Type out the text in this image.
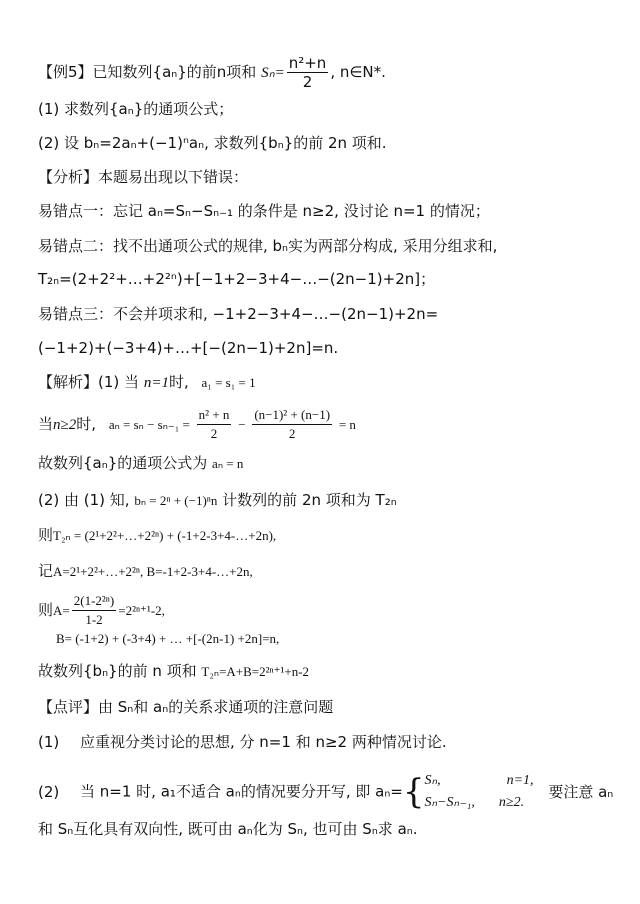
【例5】已知数列{aₙ}的前n项和 $S_n= \frac{\text{n²+n}}{2}$ , n∈N*.
(1) 求数列{aₙ}的通项公式；
(2) 设 bₙ=2aₙ+(−1)ⁿaₙ, 求数列{bₙ}的前 2n 项和.
【分析】本题易出现以下错误：
易错点一：忘记 aₙ=Sₙ−Sₙ₋₁ 的条件是 n≥2, 没讨论 n=1 的情况；
易错点二：找不出通项公式的规律, bₙ实为两部分构成, 采用分组求和,
T₂ₙ=(2+2²+…+2²ⁿ)+[−1+2−3+4−…−(2n−1)+2n]；
易错点三：不会并项求和, −1+2−3+4−…−(2n−1)+2n=
(−1+2)+(−3+4)+…+[−(2n−1)+2n]=n.
【解析】(1) 当 n=1时, a₁ = s₁ = 1
当n≥2时, $a_n = s_n - s_{n-1} = \frac{\text{n² + n}}{2} - \frac{\text{(n−1)² + (n−1)}}{2} = n$
故数列{aₙ}的通项公式为 aₙ = n
(2) 由 (1) 知, bₙ = 2ⁿ + (−1)ⁿn 计数列的前 2n 项和为 T₂ₙ
则T₂ₙ = (2¹+2²+…+2²ⁿ) + (-1+2-3+4-…+2n),
记A=2¹+2²+…+2²ⁿ, B=-1+2-3+4-…+2n,
则$A= \frac{\text{2(1-2²ⁿ)}}{1-2} =2^{2n+1}-2$,
B= (-1+2) + (-3+4) + … +[-(2n-1) +2n]=n,
故数列{bₙ}的前 n 项和 T₂ₙ=A+B=2²ⁿ⁺¹+n-2
【点评】由 Sₙ和 aₙ的关系求通项的注意问题
(1) 应重视分类讨论的思想, 分 n=1 和 n≥2 两种情况讨论.
(2) 当 n=1 时, a₁不适合 aₙ的情况要分开写, 即 aₙ={ Sₙ,	n=1,
Sₙ−Sₙ₋₁, n≥2.
要注意 aₙ
和 Sₙ互化具有双向性, 既可由 aₙ化为 Sₙ, 也可由 Sₙ求 aₙ.
